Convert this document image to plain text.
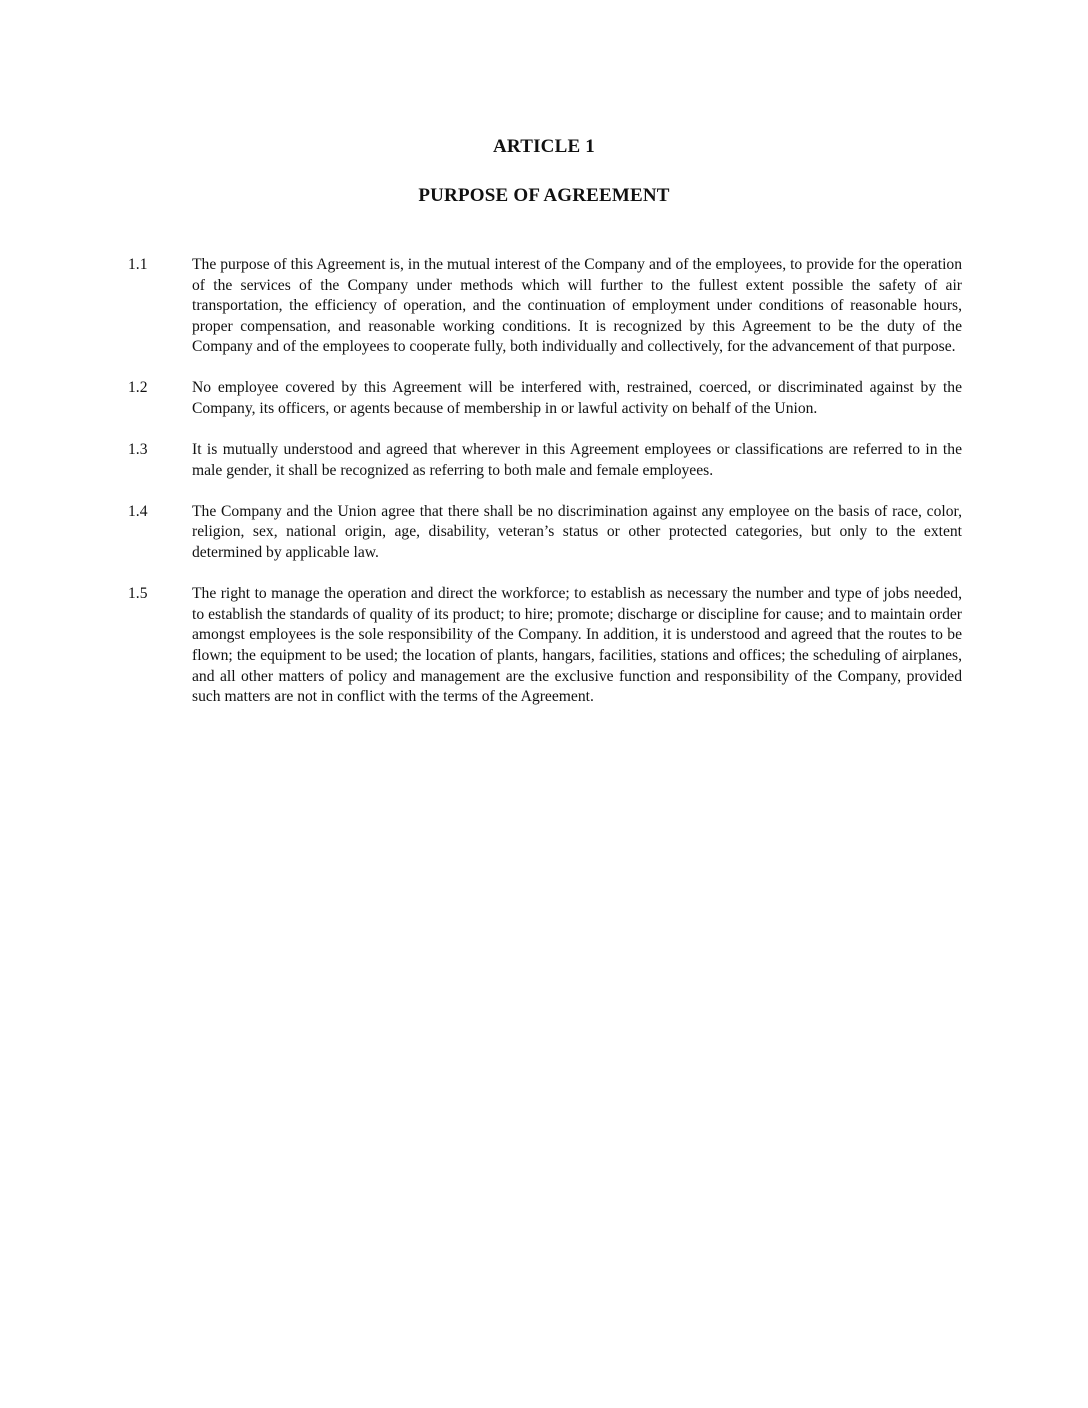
ARTICLE 1
PURPOSE OF AGREEMENT
1.1	The purpose of this Agreement is, in the mutual interest of the Company and of the employees, to provide for the operation of the services of the Company under methods which will further to the fullest extent possible the safety of air transportation, the efficiency of operation, and the continuation of employment under conditions of reasonable hours, proper compensation, and reasonable working conditions. It is recognized by this Agreement to be the duty of the Company and of the employees to cooperate fully, both individually and collectively, for the advancement of that purpose.
1.2	No employee covered by this Agreement will be interfered with, restrained, coerced, or discriminated against by the Company, its officers, or agents because of membership in or lawful activity on behalf of the Union.
1.3	It is mutually understood and agreed that wherever in this Agreement employees or classifications are referred to in the male gender, it shall be recognized as referring to both male and female employees.
1.4	The Company and the Union agree that there shall be no discrimination against any employee on the basis of race, color, religion, sex, national origin, age, disability, veteran’s status or other protected categories, but only to the extent determined by applicable law.
1.5	The right to manage the operation and direct the workforce; to establish as necessary the number and type of jobs needed, to establish the standards of quality of its product; to hire; promote; discharge or discipline for cause; and to maintain order amongst employees is the sole responsibility of the Company. In addition, it is understood and agreed that the routes to be flown; the equipment to be used; the location of plants, hangars, facilities, stations and offices; the scheduling of airplanes, and all other matters of policy and management are the exclusive function and responsibility of the Company, provided such matters are not in conflict with the terms of the Agreement.
